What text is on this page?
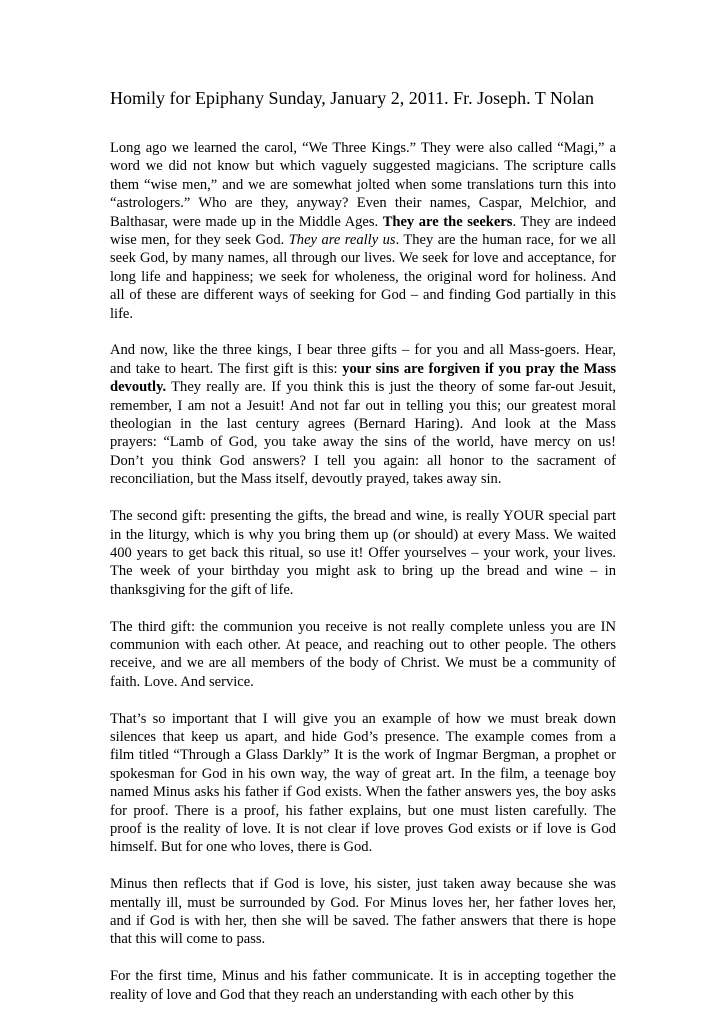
Homily for Epiphany Sunday, January 2, 2011. Fr. Joseph. T Nolan

Long ago we learned the carol, “We Three Kings.” They were also called “Magi,” a
word we did not know but which vaguely suggested magicians. The scripture calls
them “wise men,” and we are somewhat jolted when some translations turn this into
“astrologers.” Who are they, anyway? Even their names, Caspar, Melchior, and
Balthasar, were made up in the Middle Ages. They are the seekers. They are indeed
wise men, for they seek God. They are really us. They are the human race, for we all
seek God, by many names, all through our lives. We seek for love and acceptance, for
long life and happiness; we seek for wholeness, the original word for holiness. And
all of these are different ways of seeking for God – and finding God partially in this
life.

And now, like the three kings, I bear three gifts – for you and all Mass-goers. Hear,
and take to heart. The first gift is this: your sins are forgiven if you pray the Mass
devoutly. They really are. If you think this is just the theory of some far-out Jesuit,
remember, I am not a Jesuit! And not far out in telling you this; our greatest moral
theologian in the last century agrees (Bernard Haring). And look at the Mass
prayers: “Lamb of God, you take away the sins of the world, have mercy on us!
Don’t you think God answers? I tell you again: all honor to the sacrament of
reconciliation, but the Mass itself, devoutly prayed, takes away sin.

The second gift: presenting the gifts, the bread and wine, is really YOUR special part
in the liturgy, which is why you bring them up (or should) at every Mass. We waited
400 years to get back this ritual, so use it! Offer yourselves – your work, your lives.
The week of your birthday you might ask to bring up the bread and wine – in
thanksgiving for the gift of life.

The third gift: the communion you receive is not really complete unless you are IN
communion with each other. At peace, and reaching out to other people. The others
receive, and we are all members of the body of Christ. We must be a community of
faith. Love. And service.

That’s so important that I will give you an example of how we must break down
silences that keep us apart, and hide God’s presence. The example comes from a
film titled “Through a Glass Darkly” It is the work of Ingmar Bergman, a prophet or
spokesman for God in his own way, the way of great art. In the film, a teenage boy
named Minus asks his father if God exists. When the father answers yes, the boy asks
for proof. There is a proof, his father explains, but one must listen carefully. The
proof is the reality of love. It is not clear if love proves God exists or if love is God
himself. But for one who loves, there is God.

Minus then reflects that if God is love, his sister, just taken away because she was
mentally ill, must be surrounded by God. For Minus loves her, her father loves her,
and if God is with her, then she will be saved. The father answers that there is hope
that this will come to pass.

For the first time, Minus and his father communicate. It is in accepting together the
reality of love and God that they reach an understanding with each other by this
